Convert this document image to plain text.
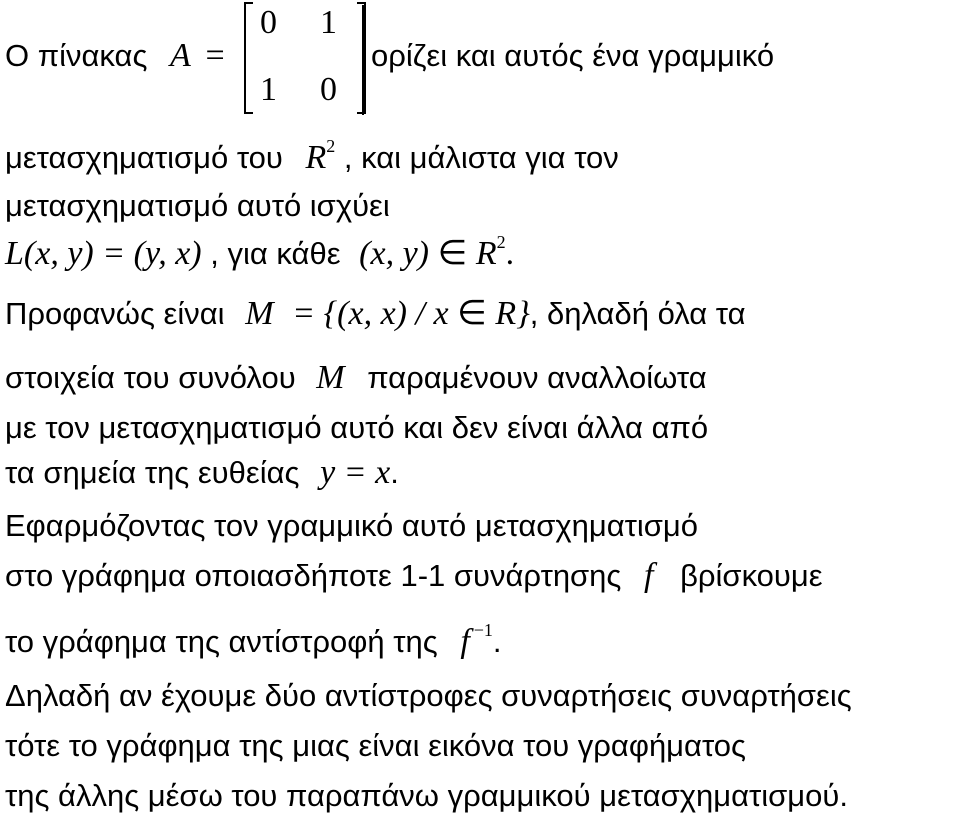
0 1
1 0
Ο πίνακας A =	ορίζει και αυτός ένα γραμμικό
μετασχηματισμό του $R^2$ , και μάλιστα για τον
μετασχηματισμό αυτό ισχύει
L(x, y) = (y, x) , για κάθε (x, y) ∈ $R^2$.
Προφανώς είναι M = {(x, x) / x ∈ R}, δηλαδή όλα τα
στοιχεία του συνόλου M παραμένουν αναλλοίωτα
με τον μετασχηματισμό αυτό και δεν είναι άλλα από
τα σημεία της ευθείας y = x.
Εφαρμόζοντας τον γραμμικό αυτό μετασχηματισμό
στο γράφημα οποιασδήποτε 1-1 συνάρτησης f βρίσκουμε
το γράφημα της αντίστροφή της f $^{-1}$.
Δηλαδή αν έχουμε δύο αντίστροφες συναρτήσεις συναρτήσεις
τότε το γράφημα της μιας είναι εικόνα του γραφήματος
της άλλης μέσω του παραπάνω γραμμικού μετασχηματισμού.
